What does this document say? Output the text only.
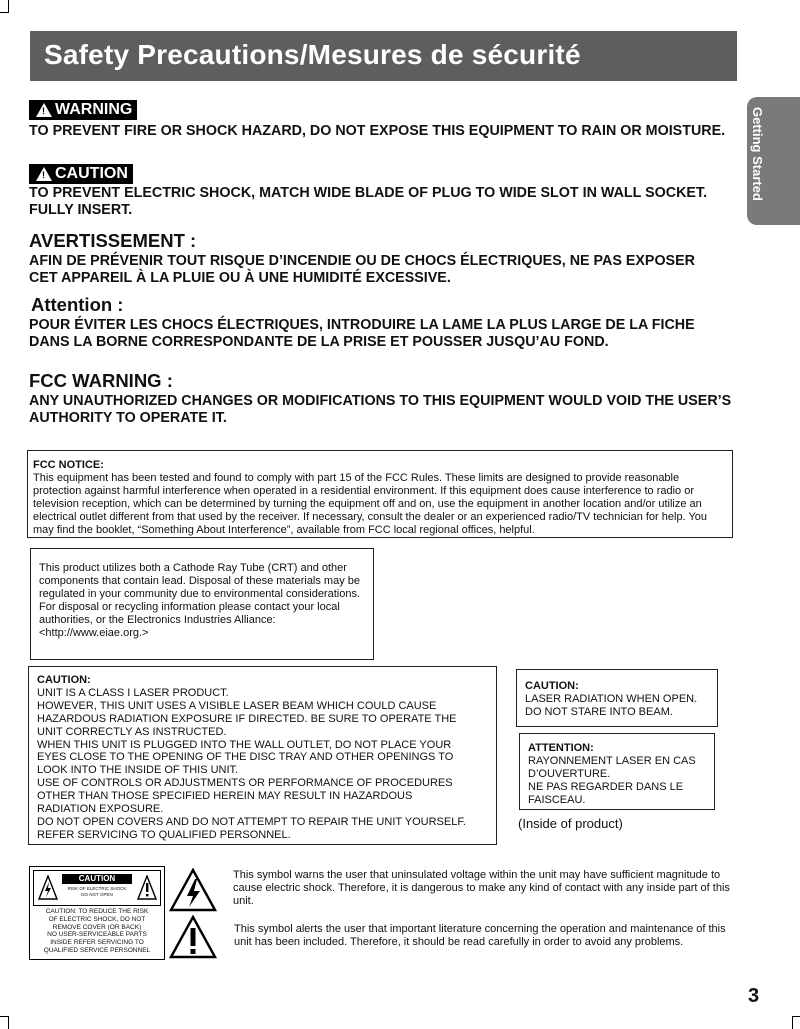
Safety Precautions/Mesures de sécurité
Getting Started
! WARNING
TO PREVENT FIRE OR SHOCK HAZARD, DO NOT EXPOSE THIS EQUIPMENT TO RAIN OR MOISTURE.
! CAUTION
TO PREVENT ELECTRIC SHOCK, MATCH WIDE BLADE OF PLUG TO WIDE SLOT IN WALL SOCKET. FULLY INSERT.
AVERTISSEMENT :
AFIN DE PRÉVENIR TOUT RISQUE D’INCENDIE OU DE CHOCS ÉLECTRIQUES, NE PAS EXPOSER CET APPAREIL À LA PLUIE OU À UNE HUMIDITÉ EXCESSIVE.
Attention :
POUR ÉVITER LES CHOCS ÉLECTRIQUES, INTRODUIRE LA LAME LA PLUS LARGE DE LA FICHE DANS LA BORNE CORRESPONDANTE DE LA PRISE ET POUSSER JUSQU’AU FOND.
FCC WARNING :
ANY UNAUTHORIZED CHANGES OR MODIFICATIONS TO THIS EQUIPMENT WOULD VOID THE USER’S AUTHORITY TO OPERATE IT.
FCC NOTICE:
This equipment has been tested and found to comply with part 15 of the FCC Rules. These limits are designed to provide reasonable protection against harmful interference when operated in a residential environment. If this equipment does cause interference to radio or television reception, which can be determined by turning the equipment off and on, use the equipment in another location and/or utilize an electrical outlet different from that used by the receiver. If necessary, consult the dealer or an experienced radio/TV technician for help. You may find the booklet, “Something About Interference”, available from FCC local regional offices, helpful.
This product utilizes both a Cathode Ray Tube (CRT) and other components that contain lead. Disposal of these materials may be regulated in your community due to environmental considerations. For disposal or recycling information please contact your local authorities, or the Electronics Industries Alliance: <http://www.eiae.org.>
CAUTION:
UNIT IS A CLASS I LASER PRODUCT.
HOWEVER, THIS UNIT USES A VISIBLE LASER BEAM WHICH COULD CAUSE
HAZARDOUS RADIATION EXPOSURE IF DIRECTED. BE SURE TO OPERATE THE
UNIT CORRECTLY AS INSTRUCTED.
WHEN THIS UNIT IS PLUGGED INTO THE WALL OUTLET, DO NOT PLACE YOUR
EYES CLOSE TO THE OPENING OF THE DISC TRAY AND OTHER OPENINGS TO
LOOK INTO THE INSIDE OF THIS UNIT.
USE OF CONTROLS OR ADJUSTMENTS OR PERFORMANCE OF PROCEDURES
OTHER THAN THOSE SPECIFIED HEREIN MAY RESULT IN HAZARDOUS
RADIATION EXPOSURE.
DO NOT OPEN COVERS AND DO NOT ATTEMPT TO REPAIR THE UNIT YOURSELF.
REFER SERVICING TO QUALIFIED PERSONNEL.
CAUTION:
LASER RADIATION WHEN OPEN.
DO NOT STARE INTO BEAM.
ATTENTION:
RAYONNEMENT LASER EN CAS
D’OUVERTURE.
NE PAS REGARDER DANS LE
FAISCEAU.
(Inside of product)
CAUTION
RISK OF ELECTRIC SHOCK
DO NOT OPEN
CAUTION: TO REDUCE THE RISK
OF ELECTRIC SHOCK, DO NOT
REMOVE COVER (OR BACK)
NO USER-SERVICEABLE PARTS
INSIDE REFER SERVICING TO
QUALIFIED SERVICE PERSONNEL
This symbol warns the user that uninsulated voltage within the unit may have sufficient magnitude to cause electric shock. Therefore, it is dangerous to make any kind of contact with any inside part of this unit.
This symbol alerts the user that important literature concerning the operation and maintenance of this unit has been included. Therefore, it should be read carefully in order to avoid any problems.
3
